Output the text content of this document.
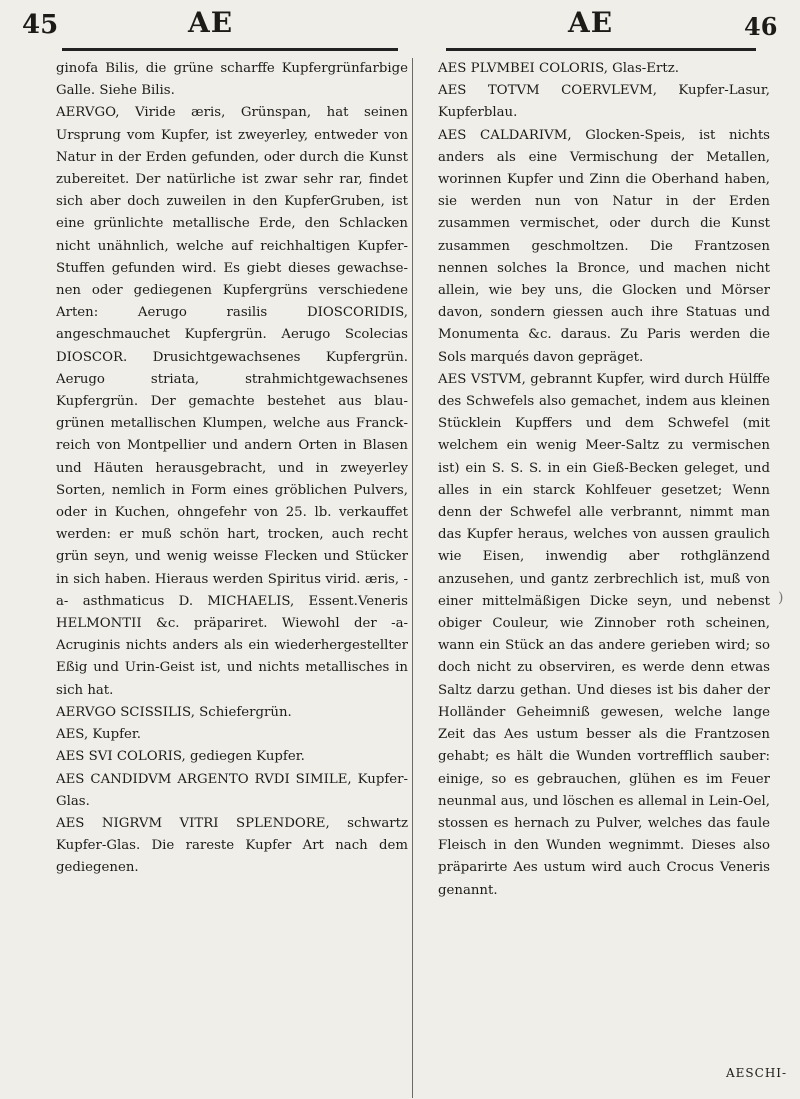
45	AE	AE	46

ginofa Bilis, die grüne scharffe Kupfergrünfarbige Galle. Siehe Bilis.

AERVGO, Viride æris, Grünspan, hat seinen Ursprung vom Kupfer, ist zweyerley, entweder von Natur in der Erden gefunden, oder durch die Kunst zubereitet. Der natürliche ist zwar sehr rar, findet sich aber doch zuweilen in den KupferGruben, ist eine grünlichte metallische Erde, den Schlacken nicht unähnlich, welche auf reichhaltigen Kupfer-Stuffen gefunden wird. Es giebt dieses gewachsenen oder gediegenen Kupfergrüns verschiedene Arten: Aerugo rasilis DIOSCORIDIS, angeschmauchet Kupfergrün. Aerugo Scolecias DIOSCOR. Drusichtgewachsenes Kupfergrün. Aerugo striata, strahmichtgewachsenes Kupfergrün. Der gemachte bestehet aus blau-grünen metallischen Klumpen, welche aus Franckreich von Montpellier und andern Orten in Blasen und Häuten herausgebracht, und in zweyerley Sorten, nemlich in Form eines gröblichen Pulvers, oder in Kuchen, ohngefehr von 25. lb. verkauffet werden: er muß schön hart, trocken, auch recht grün seyn, und wenig weisse Flecken und Stücker in sich haben. Hieraus werden Spiritus virid. æris, -a- asthmaticus D. MICHAELIS, Essent.Veneris HELMONTII &c. präpariret. Wiewohl der -a- Acruginis nichts anders als ein wiederhergestellter Eßig und Urin-Geist ist, und nichts metallisches in sich hat.

AERVGO SCISSILIS, Schiefergrün.

AES, Kupfer.

AES SVI COLORIS, gediegen Kupfer.

AES CANDIDVM ARGENTO RVDI SIMILE, Kupfer-Glas.

AES NIGRVM VITRI SPLENDORE, schwartz Kupfer-Glas. Die rareste Kupfer Art nach dem gediegenen.

AES PLVMBEI COLORIS, Glas-Ertz.

AES TOTVM COERVLEVM, Kupfer-Lasur, Kupferblau.

AES CALDARIVM, Glocken-Speis, ist nichts anders als eine Vermischung der Metallen, worinnen Kupfer und Zinn die Oberhand haben, sie werden nun von Natur in der Erden zusammen vermischet, oder durch die Kunst zusammen geschmoltzen. Die Frantzosen nennen solches la Bronce, und machen nicht allein, wie bey uns, die Glocken und Mörser davon, sondern giessen auch ihre Statuas und Monumenta &c. daraus. Zu Paris werden die Sols marqués davon gepräget.

AES VSTVM, gebrannt Kupfer, wird durch Hülffe des Schwefels also gemachet, indem aus kleinen Stücklein Kupffers und dem Schwefel (mit welchem ein wenig Meer-Saltz zu vermischen ist) ein S. S. S. in ein Gieß-Becken geleget, und alles in ein starck Kohlfeuer gesetzet; Wenn denn der Schwefel alle verbrannt, nimmt man das Kupfer heraus, welches von aussen graulich wie Eisen, inwendig aber rothglänzend anzusehen, und gantz zerbrechlich ist, muß von einer mittelmäßigen Dicke seyn, und nebenst obiger Couleur, wie Zinnober roth scheinen, wann ein Stück an das andere gerieben wird; so doch nicht zu observiren, es werde denn etwas Saltz darzu gethan. Und dieses ist bis daher der Holländer Geheimniß gewesen, welche lange Zeit das Aes ustum besser als die Frantzosen gehabt; es hält die Wunden vortrefflich sauber: einige, so es gebrauchen, glühen es im Feuer neunmal aus, und löschen es allemal in Lein-Oel, stossen es hernach zu Pulver, welches das faule Fleisch in den Wunden wegnimmt. Dieses also präparirte Aes ustum wird auch Crocus Veneris genannt.

)
AESCHI-
